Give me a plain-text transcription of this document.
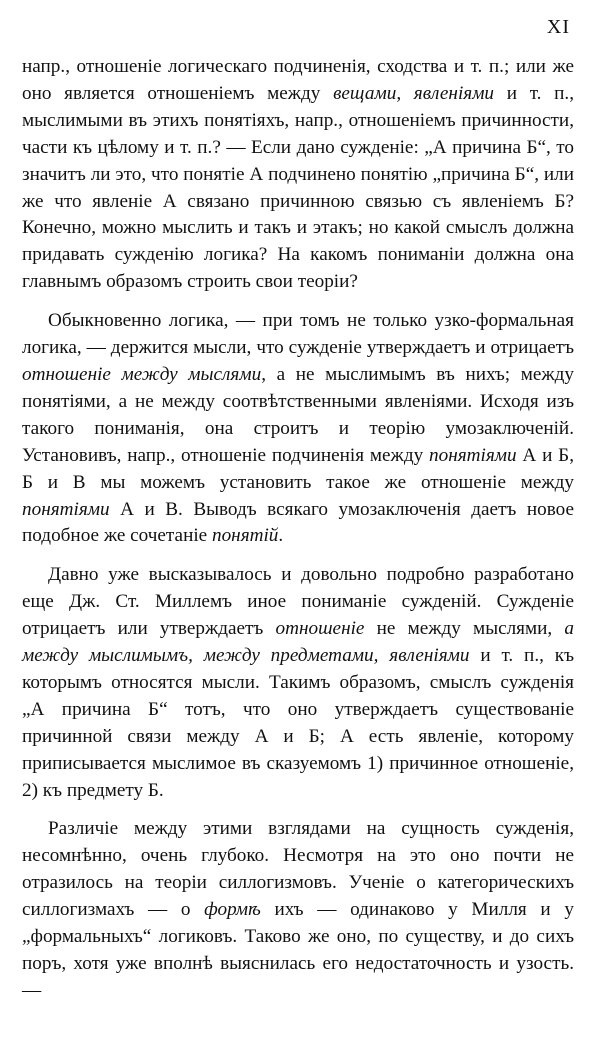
XI

напр., отношеніе логическаго подчиненія, сходства и т. п.; или же оно является отношеніемъ между вещами, явленіями и т. п., мыслимыми въ этихъ понятіяхъ, напр., отношеніемъ причинности, части къ цѣлому и т. п.? — Если дано сужденіе: „А причина Б“, то значитъ ли это, что понятіе А подчинено понятію „причина Б“, или же что явленіе А связано причинною связью съ явленіемъ Б? Конечно, можно мыслить и такъ и этакъ; но какой смыслъ должна придавать сужденію логика? На какомъ пониманіи должна она главнымъ образомъ строить свои теоріи?

Обыкновенно логика, — при томъ не только узко-формальная логика, — держится мысли, что сужденіе утверждаетъ и отрицаетъ отношеніе между мыслями, а не мыслимымъ въ нихъ; между понятіями, а не между соотвѣтственными явленіями. Исходя изъ такого пониманія, она строитъ и теорію умозаключеній. Установивъ, напр., отношеніе подчиненія между понятіями А и Б, Б и В мы можемъ установить такое же отношеніе между понятіями А и В. Выводъ всякаго умозаключенія даетъ новое подобное же сочетаніе понятій.

Давно уже высказывалось и довольно подробно разработано еще Дж. Ст. Миллемъ иное пониманіе сужденій. Сужденіе отрицаетъ или утверждаетъ отношеніе не между мыслями, а между мыслимымъ, между предметами, явленіями и т. п., къ которымъ относятся мысли. Такимъ образомъ, смыслъ сужденія „А причина Б“ тотъ, что оно утверждаетъ существованіе причинной связи между А и Б; А есть явленіе, которому приписывается мыслимое въ сказуемомъ 1) причинное отношеніе, 2) къ предмету Б.

Различіе между этими взглядами на сущность сужденія, несомнѣнно, очень глубоко. Несмотря на это оно почти не отразилось на теоріи силлогизмовъ. Ученіе о категорическихъ силлогизмахъ — о формѣ ихъ — одинаково у Милля и у „формальныхъ“ логиковъ. Таково же оно, по существу, и до сихъ поръ, хотя уже вполнѣ выяснилась его недостаточность и узость. —
